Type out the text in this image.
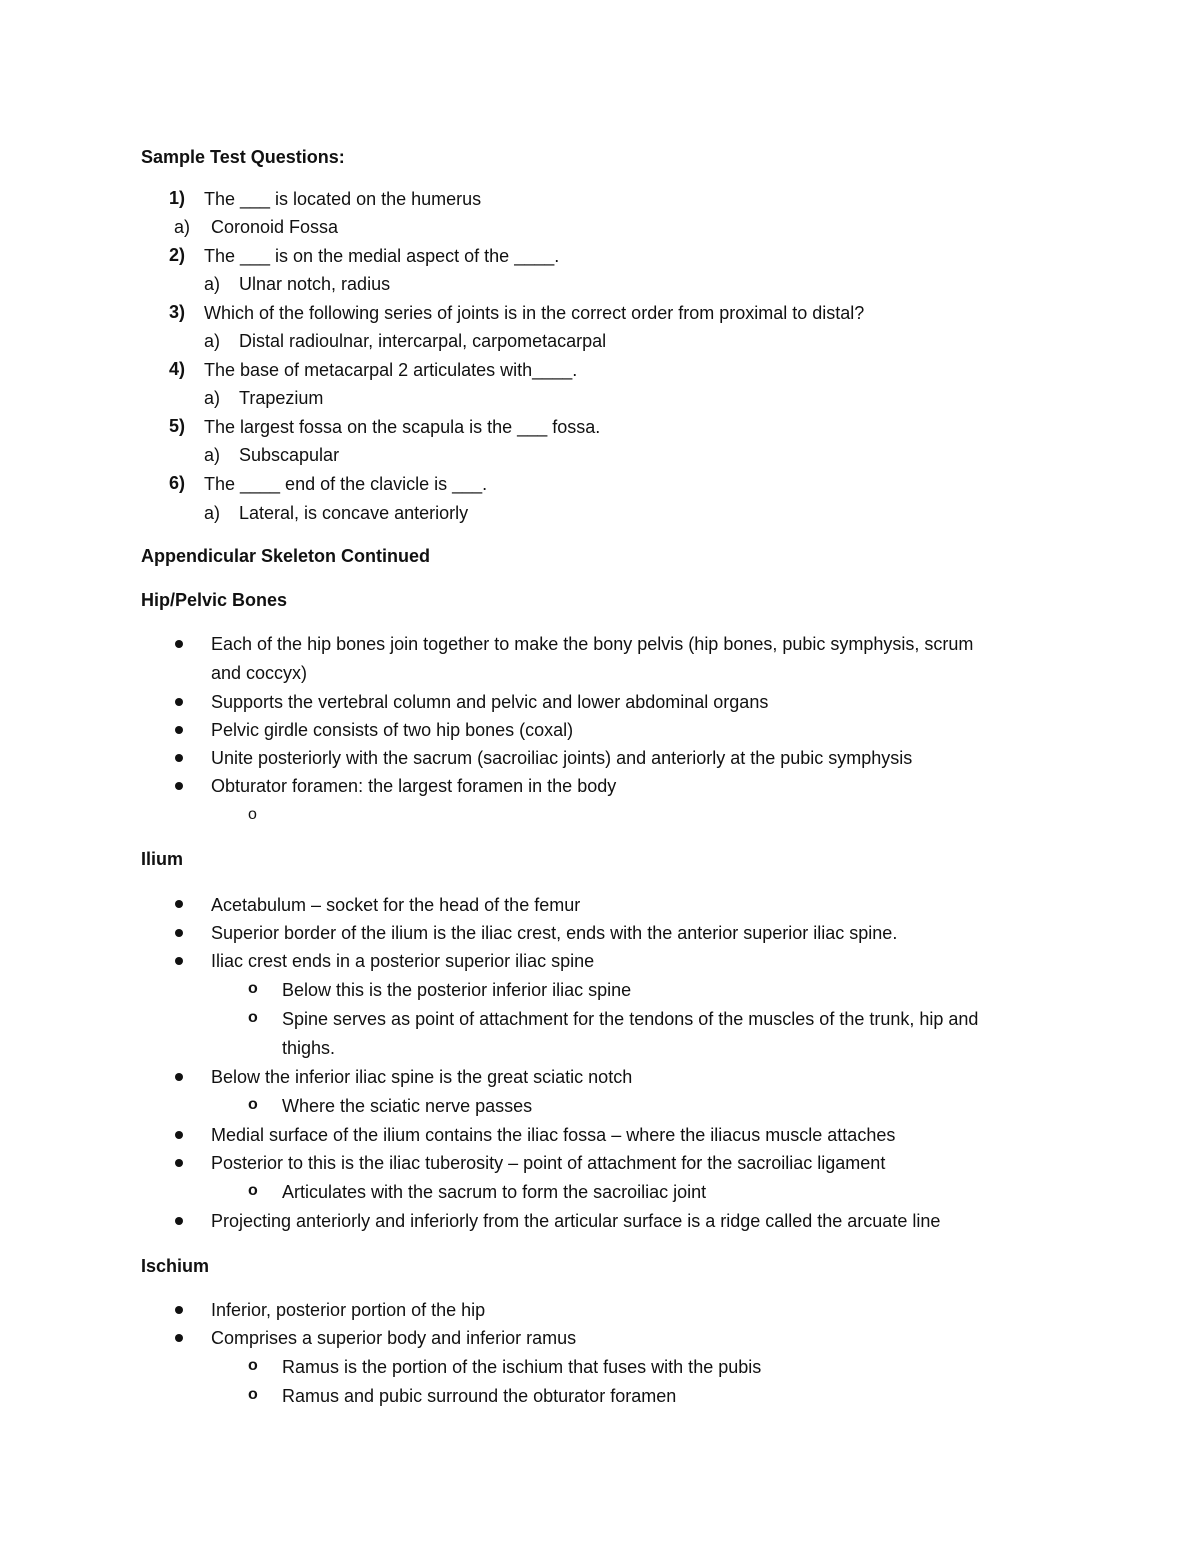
Sample Test Questions:
1) The ___ is located on the humerus
a) Coronoid Fossa
2) The ___ is on the medial aspect of the ____.
a) Ulnar notch, radius
3) Which of the following series of joints is in the correct order from proximal to distal?
a) Distal radioulnar, intercarpal, carpometacarpal
4) The base of metacarpal 2 articulates with____.
a) Trapezium
5) The largest fossa on the scapula is the ___ fossa.
a) Subscapular
6) The ____ end of the clavicle is ___.
a) Lateral, is concave anteriorly
Appendicular Skeleton Continued
Hip/Pelvic Bones
Each of the hip bones join together to make the bony pelvis (hip bones, pubic symphysis, scrum
and coccyx)
Supports the vertebral column and pelvic and lower abdominal organs
Pelvic girdle consists of two hip bones (coxal)
Unite posteriorly with the sacrum (sacroiliac joints) and anteriorly at the pubic symphysis
Obturator foramen: the largest foramen in the body
o
Ilium
Acetabulum – socket for the head of the femur
Superior border of the ilium is the iliac crest, ends with the anterior superior iliac spine.
Iliac crest ends in a posterior superior iliac spine
o Below this is the posterior inferior iliac spine
o Spine serves as point of attachment for the tendons of the muscles of the trunk, hip and
thighs.
Below the inferior iliac spine is the great sciatic notch
o Where the sciatic nerve passes
Medial surface of the ilium contains the iliac fossa – where the iliacus muscle attaches
Posterior to this is the iliac tuberosity – point of attachment for the sacroiliac ligament
o Articulates with the sacrum to form the sacroiliac joint
Projecting anteriorly and inferiorly from the articular surface is a ridge called the arcuate line
Ischium
Inferior, posterior portion of the hip
Comprises a superior body and inferior ramus
o Ramus is the portion of the ischium that fuses with the pubis
o Ramus and pubic surround the obturator foramen
